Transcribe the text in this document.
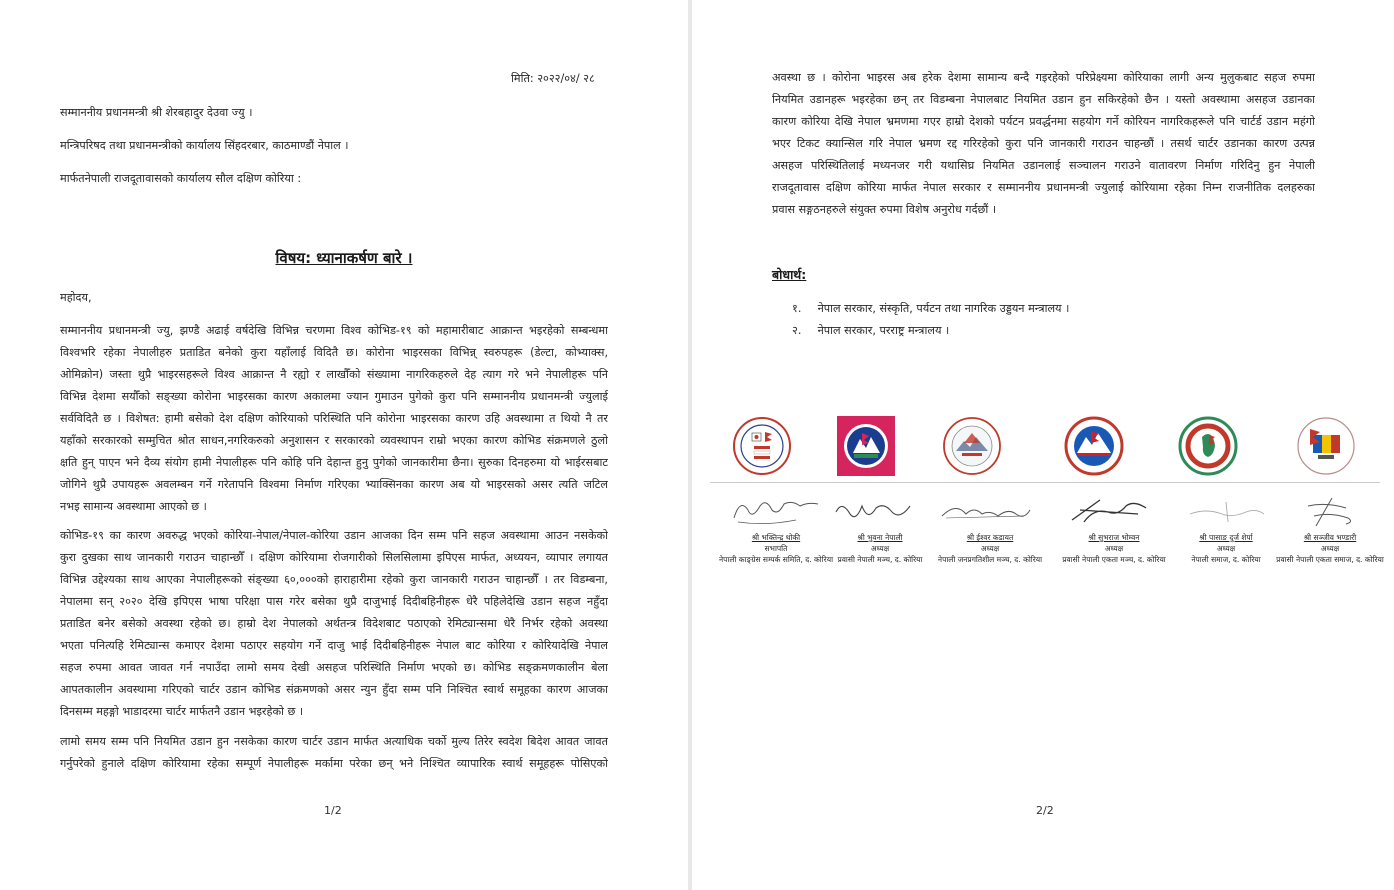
मिति: २०२२/०४/ २८
सम्माननीय प्रधानमन्त्री श्री शेरबहादुर देउवा ज्यु ।
मन्त्रिपरिषद तथा प्रधानमन्त्रीको कार्यालय सिंहदरबार, काठमाण्डौं नेपाल ।
मार्फतनेपाली राजदूतावासको कार्यालय सौल दक्षिण कोरिया :
विषय: ध्यानाकर्षण बारे ।
महोदय,
सम्माननीय प्रधानमन्त्री ज्यु, झण्डै अढाई वर्षदेखि विभिन्न चरणमा विश्व कोभिड-१९ को महामारीबाट आक्रान्त भइरहेको सम्बन्धमा
विश्वभरि रहेका नेपालीहरु प्रताडित बनेको कुरा यहाँलाई विदितै छ। कोरोना भाइरसका विभिन्न् स्वरुपहरू (डेल्टा, कोभ्याक्स,
ओमिक्रोन) जस्ता थुप्रै भाइरसहरूले विश्व आक्रान्त नै रह्यो र लाखौँको संख्यामा नागरिकहरुले देह त्याग गरे भने नेपालीहरू पनि
विभिन्न देशमा सयौँको सङ्ख्या कोरोना भाइरसका कारण अकालमा ज्यान गुमाउन पुगेको कुरा पनि सम्माननीय प्रधानमन्त्री ज्युलाई
सर्वविदितै छ । विशेषत: हामी बसेको देश दक्षिण कोरियाको परिस्थिति पनि कोरोना भाइरसका कारण उहि अवस्थामा त थियो नै तर
यहाँको सरकारको सम्मुचित श्रोत साधन,नगरिकरुको अनुशासन र सरकारको व्यवस्थापन राम्रो भएका कारण कोभिड संक्रमणले ठुलो
क्षति हुन् पाएन भने दैव्य संयोग हामी नेपालीहरू पनि कोहि पनि देहान्त हुनु पुगेको जानकारीमा छैना। सुरुका दिनहरुमा यो भाईरसबाट
जोगिने थुप्रै उपायहरू अवलम्बन गर्ने गरेतापनि विश्वमा निर्माण गरिएका भ्याक्सिनका कारण अब यो भाइरसको असर त्यति जटिल
नभइ सामान्य अवस्थामा आएको छ ।
कोभिड-१९ का कारण अवरुद्ध भएको कोरिया-नेपाल/नेपाल-कोरिया उडान आजका दिन सम्म पनि सहज अवस्थामा आउन नसकेको
कुरा दुखका साथ जानकारी गराउन चाहान्छौँ । दक्षिण कोरियामा रोजगारीको सिलसिलामा इपिएस मार्फत, अध्ययन, व्यापार लगायत
विभिन्न उद्देश्यका साथ आएका नेपालीहरूको संङ्ख्या ६०,०००को हाराहारीमा रहेको कुरा जानकारी गराउन चाहान्छौँ । तर विडम्बना,
नेपालमा सन् २०२० देखि इपिएस भाषा परिक्षा पास गरेर बसेका थुप्रै दाजुभाई दिदीबहिनीहरू धेरै पहिलेदेखि उडान सहज नहुँदा
प्रताडित बनेर बसेको अवस्था रहेको छ। हाम्रो देश नेपालको अर्थतन्त्र विदेशबाट पठाएको रेमिट्यान्समा धेरै निर्भर रहेको अवस्था
भएता पनित्यहि रेमिट्यान्स कमाएर देशमा पठाएर सहयोग गर्ने दाजु भाई दिदीबहिनीहरू नेपाल बाट कोरिया र कोरियादेखि नेपाल
सहज रुपमा आवत जावत गर्न नपाउँदा लामो समय देखी असहज परिस्थिति निर्माण भएको छ। कोभिड सङ्क्रमणकालीन बेला
आपतकालीन अवस्थामा गरिएको चार्टर उडान कोभिड संक्रमणको असर न्युन हुँदा सम्म पनि निश्चित स्वार्थ समूहका कारण आजका
दिनसम्म महङ्गो भाडादरमा चार्टर मार्फतनै उडान भइरहेको छ ।
लामो समय सम्म पनि नियमित उडान हुन नसकेका कारण चार्टर उडान मार्फत अत्याधिक चर्को मुल्य तिरेर स्वदेश बिदेश आवत जावत
गर्नुपरेको हुनाले दक्षिण कोरियामा रहेका सम्पूर्ण नेपालीहरू मर्कामा परेका छन् भने निश्चित व्यापारिक स्वार्थ समूहहरू पोसिएको
1/2
अवस्था छ । कोरोना भाइरस अब हरेक देशमा सामान्य बन्दै गइरहेको परिप्रेक्ष्यमा कोरियाका लागी अन्य मुलुकबाट सहज रुपमा
नियमित उडानहरू भइरहेका छन् तर विडम्बना नेपालबाट नियमित उडान हुन सकिरहेको छैन । यस्तो अवस्थामा असहज उडानका
कारण कोरिया देखि नेपाल भ्रमणमा गएर हाम्रो देशको पर्यटन प्रवर्द्धनमा सहयोग गर्ने कोरियन नागरिकहरूले पनि चार्टर्ड उडान महंगो
भएर टिकट क्यान्सिल गरि नेपाल भ्रमण रद्द गरिरहेको कुरा पनि जानकारी गराउन चाहन्छौं । तसर्थ चार्टर उडानका कारण उत्पन्न
असहज परिस्थितिलाई मध्यनजर गरी यथासिघ्र नियमित उडानलाई सञ्चालन गराउने वातावरण निर्माण गरिदिनु हुन नेपाली
राजदूतावास दक्षिण कोरिया मार्फत नेपाल सरकार र सम्माननीय प्रधानमन्त्री ज्युलाई कोरियामा रहेका निम्न राजनीतिक दलहरुका
प्रवास सङ्गठनहरुले संयुक्त रुपमा विशेष अनुरोध गर्दछौं ।
बोधार्थ:
१. नेपाल सरकार, संस्कृति, पर्यटन तथा नागरिक उड्डयन मन्त्रालय ।
२. नेपाल सरकार, परराष्ट्र मन्त्रालय ।
श्री भक्तिन्द्र थोकी
सभापति
नेपाली काङ्ग्रेस सम्पर्क समिति, द. कोरिया
श्री भुवना नेपाली
अध्यक्ष
प्रवासी नेपाली मञ्च, द. कोरिया
श्री ईश्वर कडायत
अध्यक्ष
नेपाली जनप्रगतिशील मञ्च, द. कोरिया
श्री सुभराज भोम्वन
अध्यक्ष
प्रवासी नेपाली एकता मञ्च, द. कोरिया
श्री पासाङ दुर्ज शेर्पा
अध्यक्ष
नेपाली समाज, द. कोरिया
श्री सञ्जीव भण्डारी
अध्यक्ष
प्रवासी नेपाली एकता समाज, द. कोरिया
2/2
